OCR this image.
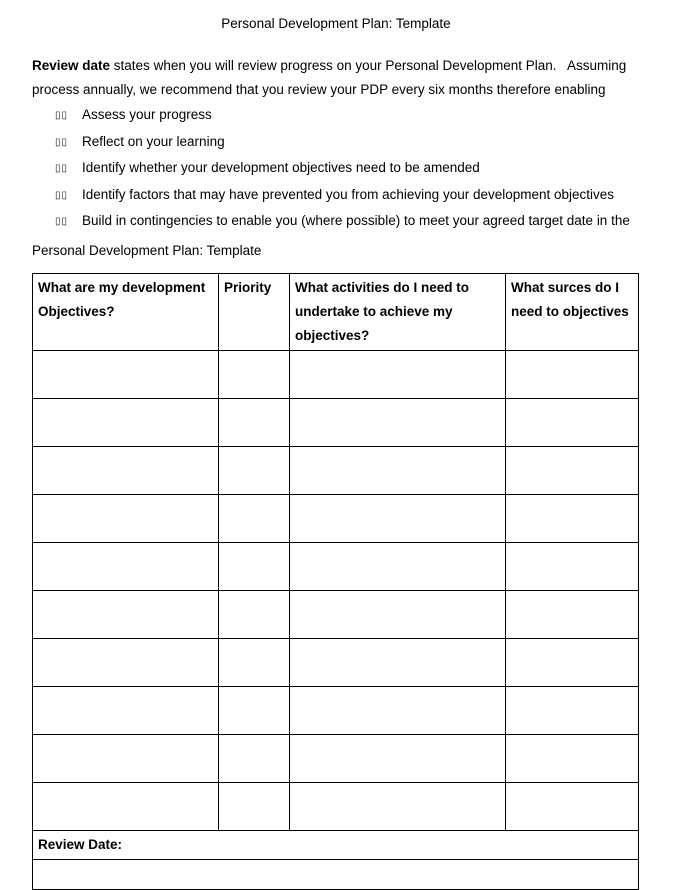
Personal Development Plan: Template

Review date states when you will review progress on your Personal Development Plan.   Assuming process annually, we recommend that you review your PDP every six months therefore enabling

▯▯	Assess your progress
▯▯	Reflect on your learning
▯▯	Identify whether your development objectives need to be amended
▯▯	Identify factors that may have prevented you from achieving your development objectives
▯▯	Build in contingencies to enable you (where possible) to meet your agreed target date in the

Personal Development Plan: Template

What are my development Objectives?	Priority	What activities do I need to undertake to achieve my objectives?	What surces do I need to objectives

Review Date:			
